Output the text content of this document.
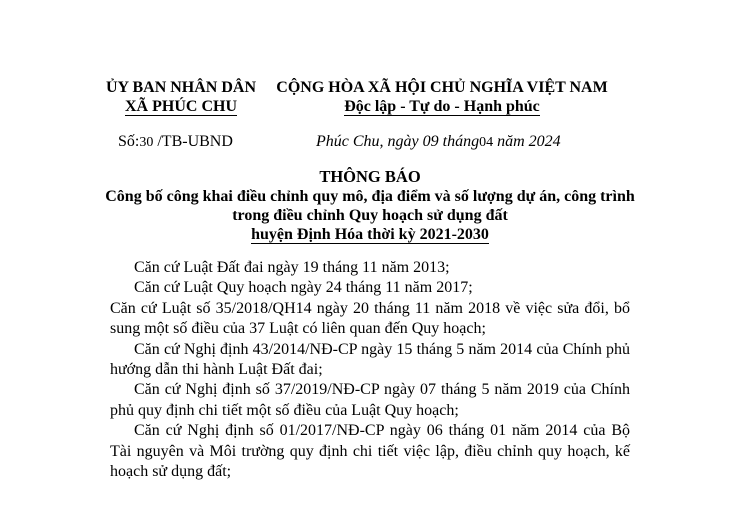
ỦY BAN NHÂN DÂN
XÃ PHÚC CHU
CỘNG HÒA XÃ HỘI CHỦ NGHĨA VIỆT NAM
Độc lập - Tự do - Hạnh phúc
Số:30 /TB-UBND	Phúc Chu, ngày 09 tháng04 năm 2024
THÔNG BÁO
Công bố công khai điều chỉnh quy mô, địa điểm và số lượng dự án, công trình
trong điều chỉnh Quy hoạch sử dụng đất
huyện Định Hóa thời kỳ 2021-2030

Căn cứ Luật Đất đai ngày 19 tháng 11 năm 2013;

Căn cứ Luật Quy hoạch ngày 24 tháng 11 năm 2017;

Căn cứ Luật số 35/2018/QH14 ngày 20 tháng 11 năm 2018 về việc sửa đổi, bổ sung một số điều của 37 Luật có liên quan đến Quy hoạch;

Căn cứ Nghị định 43/2014/NĐ-CP ngày 15 tháng 5 năm 2014 của Chính phủ hướng dẫn thi hành Luật Đất đai;

Căn cứ Nghị định số 37/2019/NĐ-CP ngày 07 tháng 5 năm 2019 của Chính phủ quy định chi tiết một số điều của Luật Quy hoạch;

Căn cứ Nghị định số 01/2017/NĐ-CP ngày 06 tháng 01 năm 2014 của Bộ Tài nguyên và Môi trường quy định chi tiết việc lập, điều chỉnh quy hoạch, kế hoạch sử dụng đất;
